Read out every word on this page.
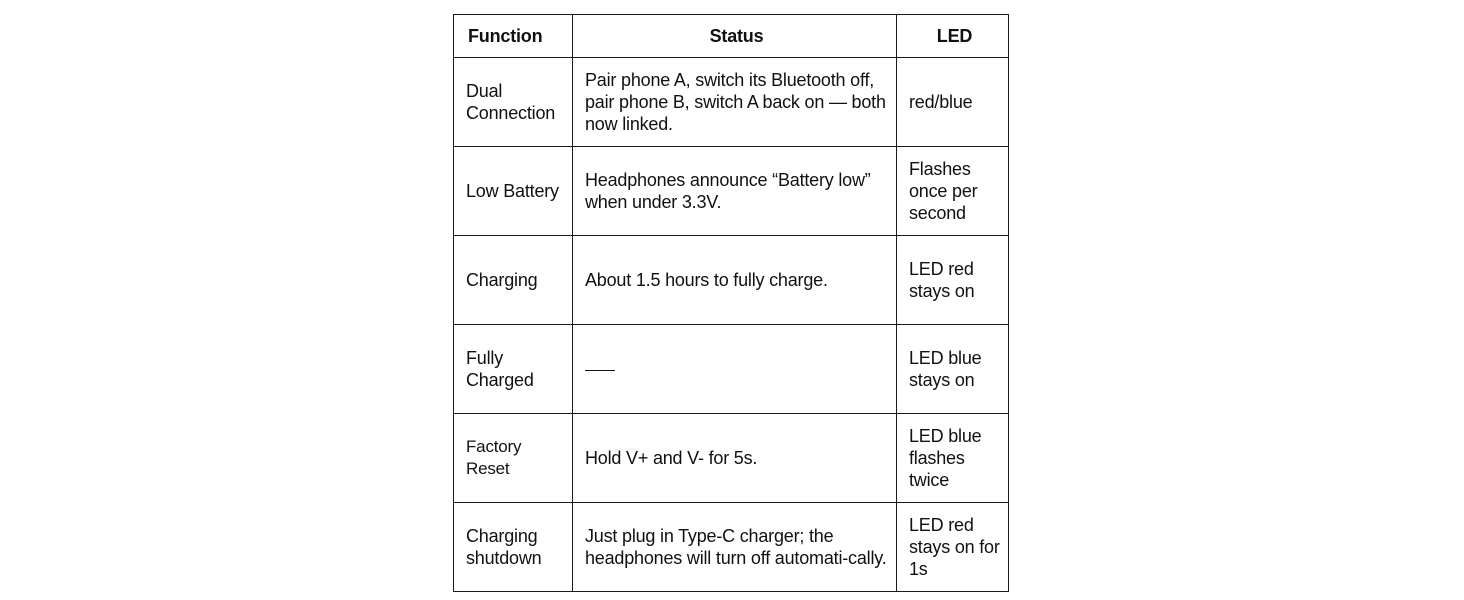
Function	Status	LED
Dual Connection	Pair phone A, switch its Bluetooth off, pair phone B, switch A back on — both now linked.	red/blue
Low Battery	Headphones announce “Battery low” when under 3.3V.	Flashes once per second
Charging	About 1.5 hours to fully charge.	LED red stays on
Fully Charged		LED blue stays on
Factory Reset	Hold V+ and V- for 5s.	LED blue flashes twice
Charging shutdown	Just plug in Type-C charger; the headphones will turn off automati-cally.	LED red stays on for 1s
